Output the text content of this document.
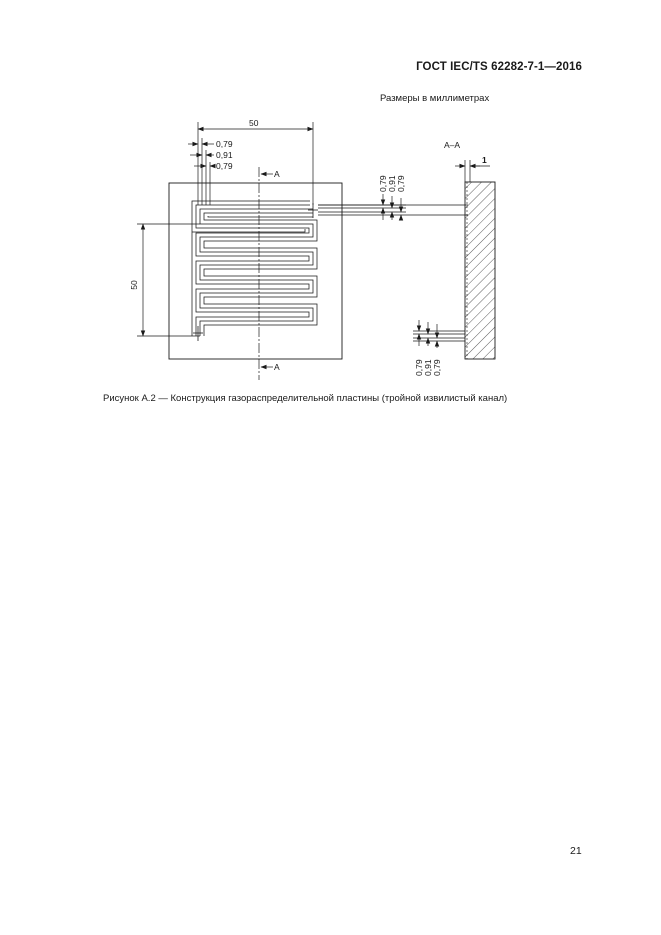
ГОСТ IEC/TS 62282-7-1—2016
Размеры в миллиметрах
A
A
50
0,79
0,91
0,79
50
0,79 0,91 0,79
А–А
1
0,79 0,91 0,79
Рисунок А.2 — Конструкция газораспределительной пластины (тройной извилистый канал)
21
